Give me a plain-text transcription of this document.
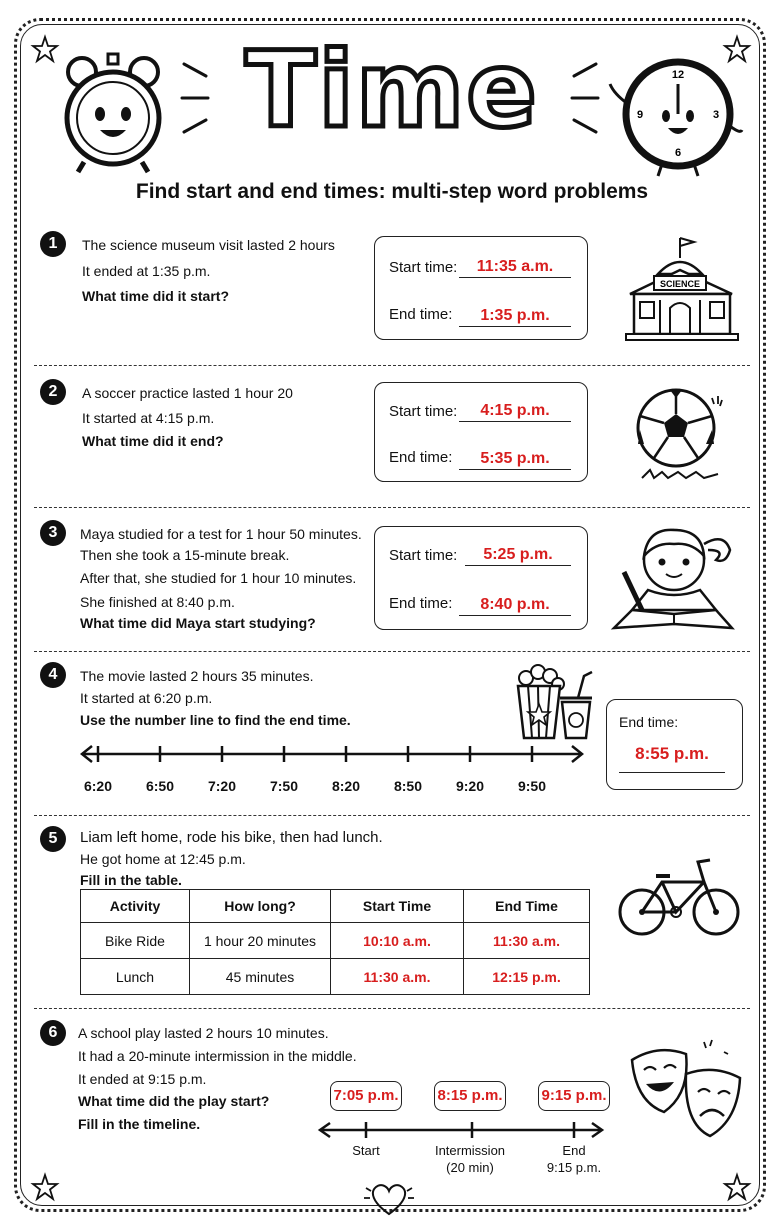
Time	12
3
6
9
Find start and end times: multi-step word problems
1	The science museum visit lasted 2 hours
It ended at 1:35 p.m.
What time did it start?
Start time:	11:35 a.m.
End time:	1:35 p.m.
SCIENCE
2	A soccer practice lasted 1 hour 20
It started at 4:15 p.m.
What time did it end?
Start time:	4:15 p.m.
End time:	5:35 p.m.
3	Maya studied for a test for 1 hour 50 minutes.
Then she took a 15-minute break.
After that, she studied for 1 hour 10 minutes.
She finished at 8:40 p.m.
What time did Maya start studying?
Start time:	5:25 p.m.
End time:	8:40 p.m.
4	The movie lasted 2 hours 35 minutes.
It started at 6:20 p.m.
Use the number line to find the end time.
6:20	6:50	7:20	7:50	8:20	8:50	9:20	9:50
End time:
8:55 p.m.
5	Liam left home, rode his bike, then had lunch.
He got home at 12:45 p.m.
Fill in the table.
Activity	How long?	Start Time	End Time
Bike Ride	1 hour 20 minutes	10:10 a.m.	11:30 a.m.
Lunch	45 minutes	11:30 a.m.	12:15 p.m.
6	A school play lasted 2 hours 10 minutes.
It had a 20-minute intermission in the middle.
It ended at 9:15 p.m.
What time did the play start?
Fill in the timeline.
7:05 p.m.	8:15 p.m.	9:15 p.m.
Start	Intermission
(20 min)
End
9:15 p.m.
